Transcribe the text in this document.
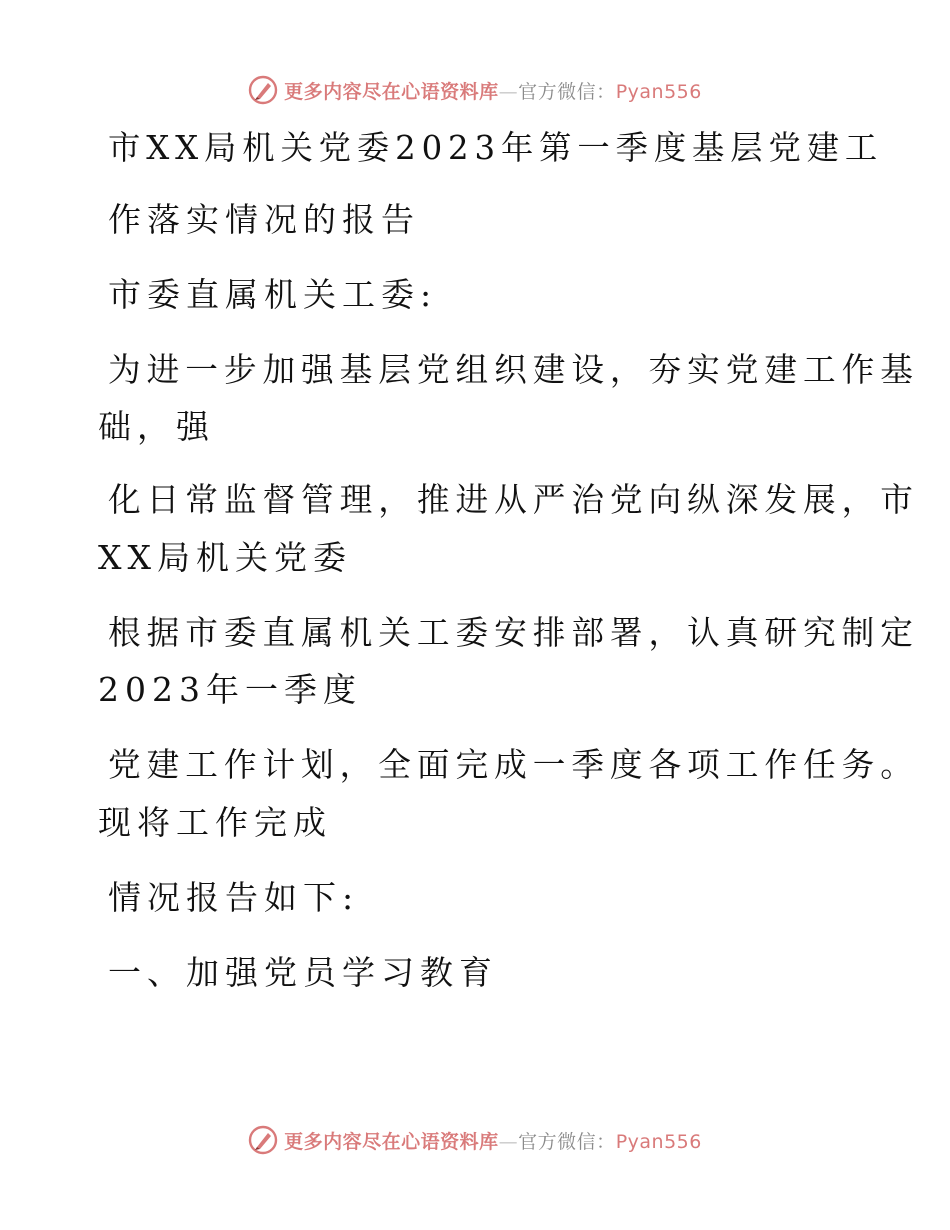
更多内容尽在心语资料库—官方微信：Pyan556
市XX局机关党委2023年第一季度基层党建工
作落实情况的报告
市委直属机关工委:
为进一步加强基层党组织建设，夯实党建工作基
础，强
化日常监督管理，推进从严治党向纵深发展，市
XX局机关党委
根据市委直属机关工委安排部署，认真研究制定
2023年一季度
党建工作计划，全面完成一季度各项工作任务。
现将工作完成
情况报告如下:
一、加强党员学习教育
更多内容尽在心语资料库—官方微信：Pyan556
